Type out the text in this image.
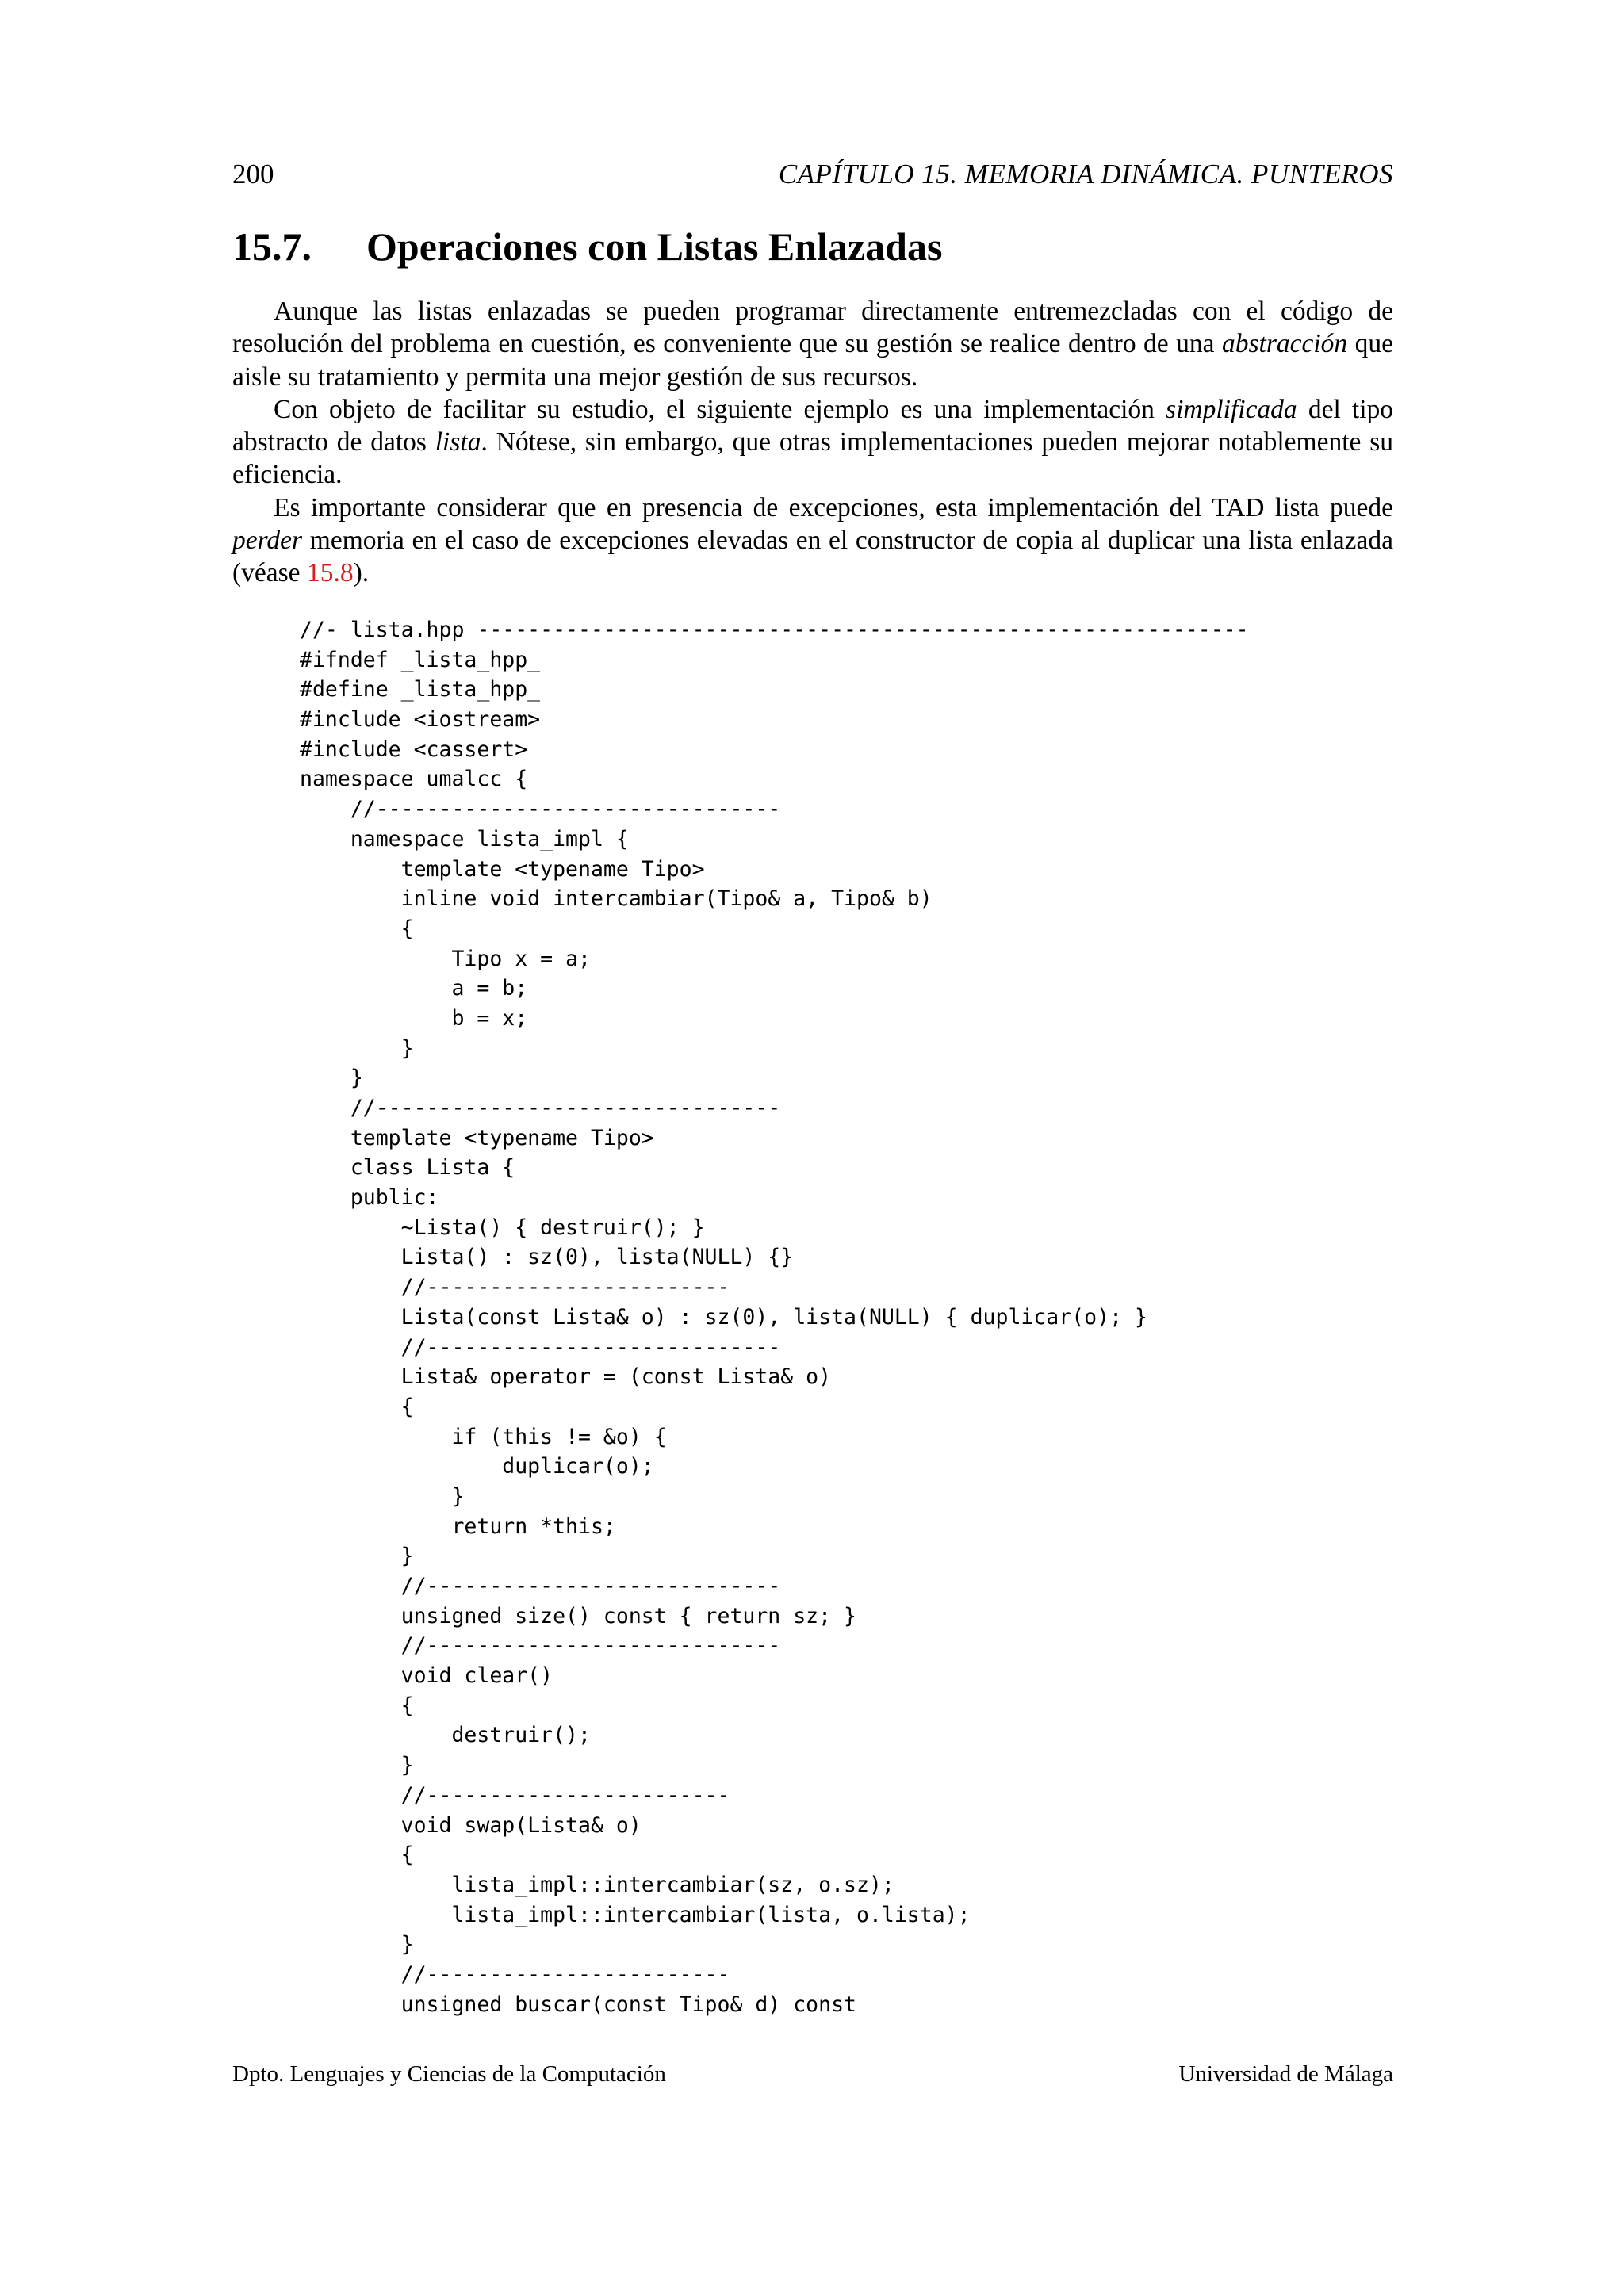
200	CAPÍTULO 15. MEMORIA DINÁMICA. PUNTEROS
15.7. Operaciones con Listas Enlazadas

Aunque las listas enlazadas se pueden programar directamente entremezcladas con el código de resolución del problema en cuestión, es conveniente que su gestión se realice dentro de una abstracción que aisle su tratamiento y permita una mejor gestión de sus recursos.

Con objeto de facilitar su estudio, el siguiente ejemplo es una implementación simplificada del tipo abstracto de datos lista. Nótese, sin embargo, que otras implementaciones pueden mejorar notablemente su eficiencia.

Es importante considerar que en presencia de excepciones, esta implementación del TAD lista puede perder memoria en el caso de excepciones elevadas en el constructor de copia al duplicar una lista enlazada (véase 15.8).

//- lista.hpp -------------------------------------------------------------
#ifndef _lista_hpp_
#define _lista_hpp_
#include <iostream>
#include <cassert>
namespace umalcc {
//--------------------------------
namespace lista_impl {
template <typename Tipo>
inline void intercambiar(Tipo& a, Tipo& b)
{
Tipo x = a;
a = b;
b = x;
}
}
//--------------------------------
template <typename Tipo>
class Lista {
public:
~Lista() { destruir(); }
Lista() : sz(0), lista(NULL) {}
//------------------------
Lista(const Lista& o) : sz(0), lista(NULL) { duplicar(o); }
//----------------------------
Lista& operator = (const Lista& o)
{
if (this != &o) {
duplicar(o);
}
return *this;
}
//----------------------------
unsigned size() const { return sz; }
//----------------------------
void clear()
{
destruir();
}
//------------------------
void swap(Lista& o)
{
lista_impl::intercambiar(sz, o.sz);
lista_impl::intercambiar(lista, o.lista);
}
//------------------------
unsigned buscar(const Tipo& d) const
Dpto. Lenguajes y Ciencias de la Computación	Universidad de Málaga
